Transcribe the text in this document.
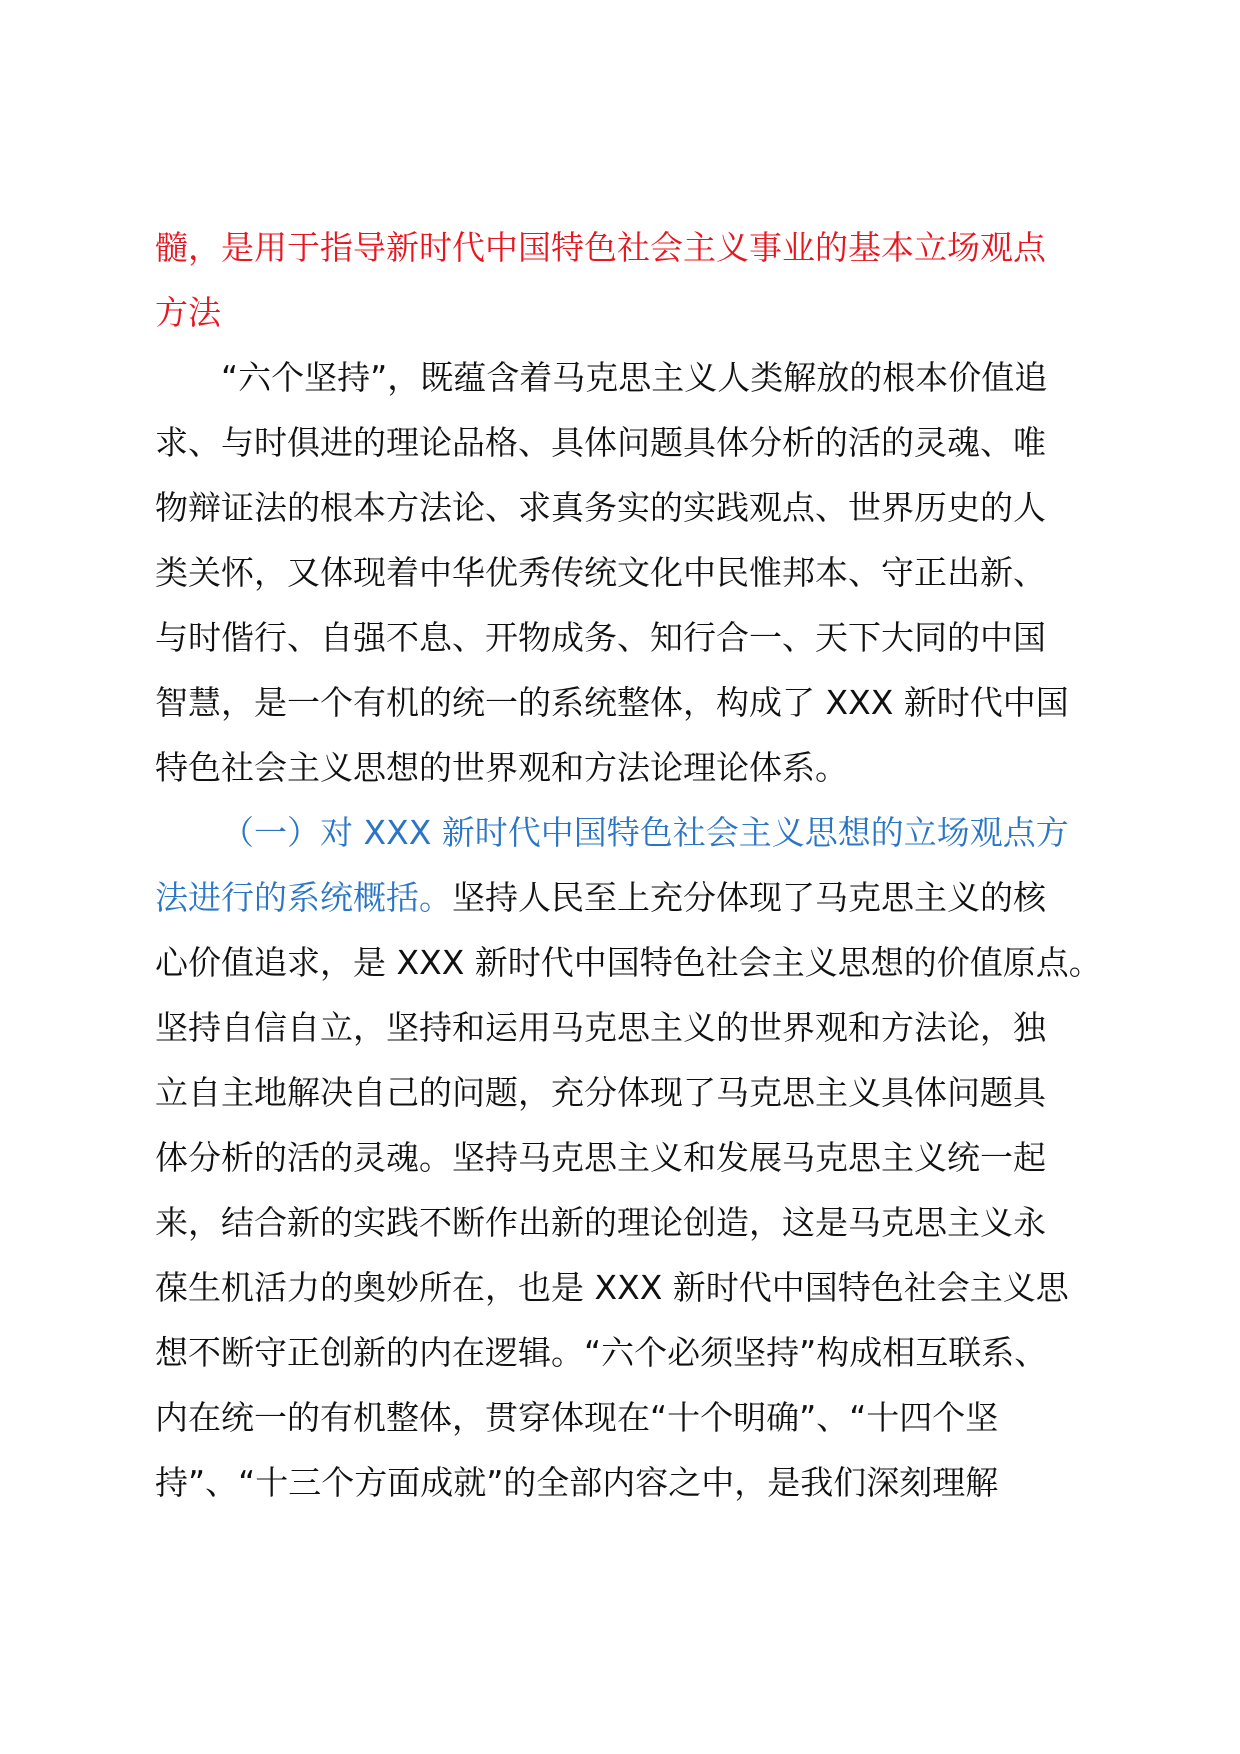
髓，是用于指导新时代中国特色社会主义事业的基本立场观点
方法
“六个坚持”，既蕴含着马克思主义人类解放的根本价值追
求、与时俱进的理论品格、具体问题具体分析的活的灵魂、唯
物辩证法的根本方法论、求真务实的实践观点、世界历史的人
类关怀，又体现着中华优秀传统文化中民惟邦本、守正出新、
与时偕行、自强不息、开物成务、知行合一、天下大同的中国
智慧，是一个有机的统一的系统整体，构成了 XXX 新时代中国
特色社会主义思想的世界观和方法论理论体系。
（一）对 XXX 新时代中国特色社会主义思想的立场观点方
法进行的系统概括。坚持人民至上充分体现了马克思主义的核
心价值追求，是 XXX 新时代中国特色社会主义思想的价值原点。
坚持自信自立，坚持和运用马克思主义的世界观和方法论，独
立自主地解决自己的问题，充分体现了马克思主义具体问题具
体分析的活的灵魂。坚持马克思主义和发展马克思主义统一起
来，结合新的实践不断作出新的理论创造，这是马克思主义永
葆生机活力的奥妙所在，也是 XXX 新时代中国特色社会主义思
想不断守正创新的内在逻辑。“六个必须坚持”构成相互联系、
内在统一的有机整体，贯穿体现在“十个明确”、“十四个坚
持”、“十三个方面成就”的全部内容之中，是我们深刻理解
